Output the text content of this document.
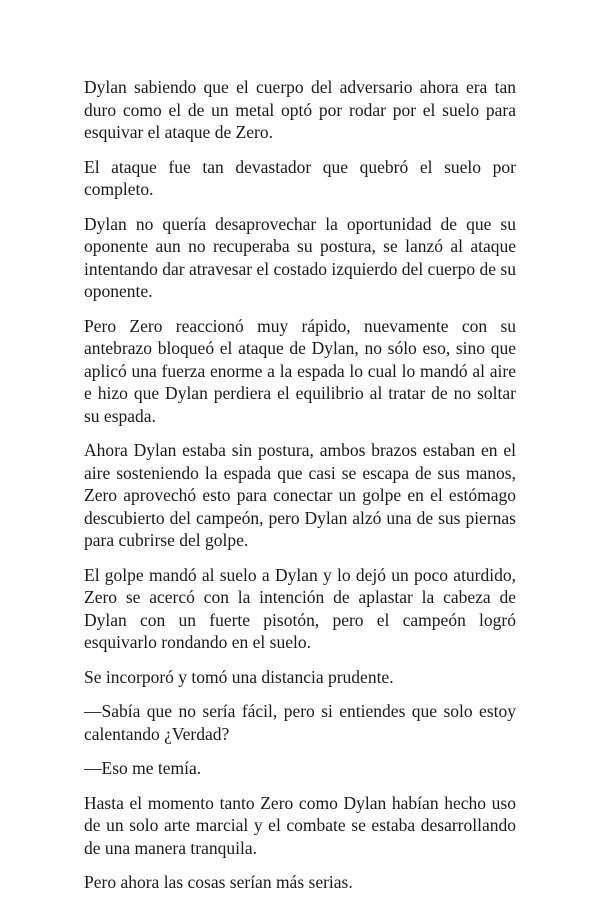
Dylan sabiendo que el cuerpo del adversario ahora era tan duro como el de un metal optó por rodar por el suelo para esquivar el ataque de Zero.

El ataque fue tan devastador que quebró el suelo por completo.

Dylan no quería desaprovechar la oportunidad de que su oponente aun no recuperaba su postura, se lanzó al ataque intentando dar atravesar el costado izquierdo del cuerpo de su oponente.

Pero Zero reaccionó muy rápido, nuevamente con su antebrazo bloqueó el ataque de Dylan, no sólo eso, sino que aplicó una fuerza enorme a la espada lo cual lo mandó al aire e hizo que Dylan perdiera el equilibrio al tratar de no soltar su espada.

Ahora Dylan estaba sin postura, ambos brazos estaban en el aire sosteniendo la espada que casi se escapa de sus manos, Zero aprovechó esto para conectar un golpe en el estómago descubierto del campeón, pero Dylan alzó una de sus piernas para cubrirse del golpe.

El golpe mandó al suelo a Dylan y lo dejó un poco aturdido, Zero se acercó con la intención de aplastar la cabeza de Dylan con un fuerte pisotón, pero el campeón logró esquivarlo rondando en el suelo.

Se incorporó y tomó una distancia prudente.

—Sabía que no sería fácil, pero si entiendes que solo estoy calentando ¿Verdad?

—Eso me temía.

Hasta el momento tanto Zero como Dylan habían hecho uso de un solo arte marcial y el combate se estaba desarrollando de una manera tranquila.

Pero ahora las cosas serían más serias.
